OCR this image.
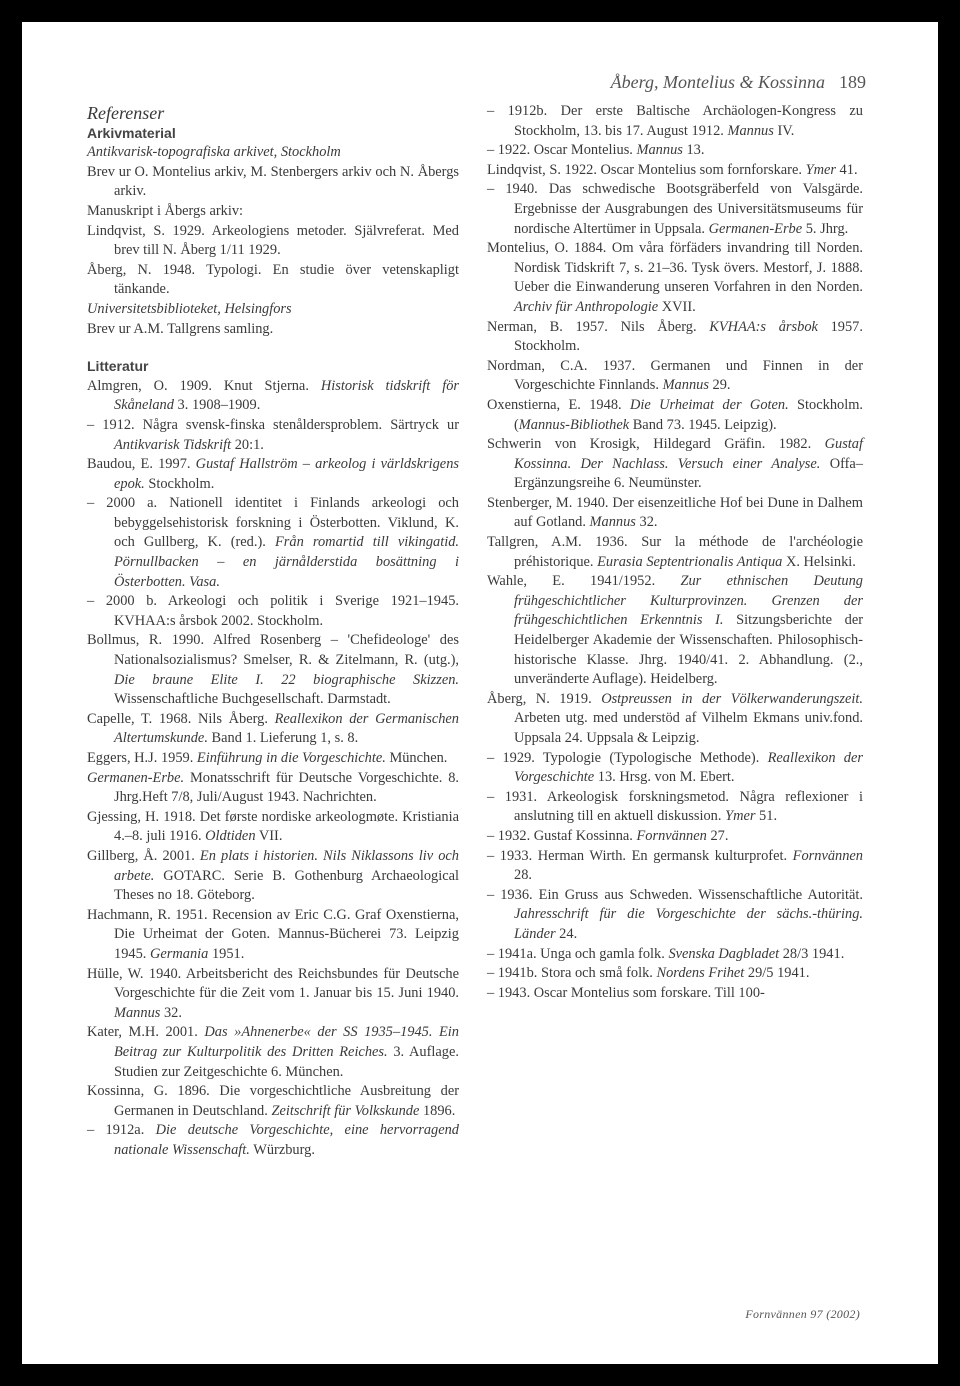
Åberg, Montelius & Kossinna 189
Referenser
Arkivmaterial
Antikvarisk-topografiska arkivet, Stockholm
Brev ur O. Montelius arkiv, M. Stenbergers arkiv och N. Åbergs arkiv.
Manuskript i Åbergs arkiv:
Lindqvist, S. 1929. Arkeologiens metoder. Självreferat. Med brev till N. Åberg 1/11 1929.
Åberg, N. 1948. Typologi. En studie över vetenskapligt tänkande.
Universitetsbiblioteket, Helsingfors
Brev ur A.M. Tallgrens samling.
Litteratur
Almgren, O. 1909. Knut Stjerna. Historisk tidskrift för Skåneland 3. 1908–1909.
– 1912. Några svensk-finska stenåldersproblem. Särtryck ur Antikvarisk Tidskrift 20:1.
Baudou, E. 1997. Gustaf Hallström – arkeolog i världskrigens epok. Stockholm.
– 2000 a. Nationell identitet i Finlands arkeologi och bebyggelsehistorisk forskning i Österbotten. Viklund, K. och Gullberg, K. (red.). Från romartid till vikingatid. Pörnullbacken – en järnålderstida bosättning i Österbotten. Vasa.
– 2000 b. Arkeologi och politik i Sverige 1921–1945. KVHAA:s årsbok 2002. Stockholm.
Bollmus, R. 1990. Alfred Rosenberg – 'Chefideologe' des Nationalsozialismus? Smelser, R. & Zitelmann, R. (utg.), Die braune Elite I. 22 biographische Skizzen. Wissenschaftliche Buchgesellschaft. Darmstadt.
Capelle, T. 1968. Nils Åberg. Reallexikon der Germanischen Altertumskunde. Band 1. Lieferung 1, s. 8.
Eggers, H.J. 1959. Einführung in die Vorgeschichte. München.
Germanen-Erbe. Monatsschrift für Deutsche Vorgeschichte. 8. Jhrg.Heft 7/8, Juli/August 1943. Nachrichten.
Gjessing, H. 1918. Det første nordiske arkeologmøte. Kristiania 4.–8. juli 1916. Oldtiden VII.
Gillberg, Å. 2001. En plats i historien. Nils Niklassons liv och arbete. GOTARC. Serie B. Gothenburg Archaeological Theses no 18. Göteborg.
Hachmann, R. 1951. Recension av Eric C.G. Graf Oxenstierna, Die Urheimat der Goten. Mannus-Bücherei 73. Leipzig 1945. Germania 1951.
Hülle, W. 1940. Arbeitsbericht des Reichsbundes für Deutsche Vorgeschichte für die Zeit vom 1. Januar bis 15. Juni 1940. Mannus 32.
Kater, M.H. 2001. Das »Ahnenerbe« der SS 1935–1945. Ein Beitrag zur Kulturpolitik des Dritten Reiches. 3. Auflage. Studien zur Zeitgeschichte 6. München.
Kossinna, G. 1896. Die vorgeschichtliche Ausbreitung der Germanen in Deutschland. Zeitschrift für Volkskunde 1896.
– 1912a. Die deutsche Vorgeschichte, eine hervorragend nationale Wissenschaft. Würzburg.
– 1912b. Der erste Baltische Archäologen-Kongress zu Stockholm, 13. bis 17. August 1912. Mannus IV.
– 1922. Oscar Montelius. Mannus 13.
Lindqvist, S. 1922. Oscar Montelius som fornforskare. Ymer 41.
– 1940. Das schwedische Bootsgräberfeld von Valsgärde. Ergebnisse der Ausgrabungen des Universitätsmuseums für nordische Altertümer in Uppsala. Germanen-Erbe 5. Jhrg.
Montelius, O. 1884. Om våra förfäders invandring till Norden. Nordisk Tidskrift 7, s. 21–36. Tysk övers. Mestorf, J. 1888. Ueber die Einwanderung unseren Vorfahren in den Norden. Archiv für Anthropologie XVII.
Nerman, B. 1957. Nils Åberg. KVHAA:s årsbok 1957. Stockholm.
Nordman, C.A. 1937. Germanen und Finnen in der Vorgeschichte Finnlands. Mannus 29.
Oxenstierna, E. 1948. Die Urheimat der Goten. Stockholm. (Mannus-Bibliothek Band 73. 1945. Leipzig).
Schwerin von Krosigk, Hildegard Gräfin. 1982. Gustaf Kossinna. Der Nachlass. Versuch einer Analyse. Offa–Ergänzungsreihe 6. Neumünster.
Stenberger, M. 1940. Der eisenzeitliche Hof bei Dune in Dalhem auf Gotland. Mannus 32.
Tallgren, A.M. 1936. Sur la méthode de l'archéologie préhistorique. Eurasia Septentrionalis Antiqua X. Helsinki.
Wahle, E. 1941/1952. Zur ethnischen Deutung frühgeschichtlicher Kulturprovinzen. Grenzen der frühgeschichtlichen Erkenntnis I. Sitzungsberichte der Heidelberger Akademie der Wissenschaften. Philosophisch-historische Klasse. Jhrg. 1940/41. 2. Abhandlung. (2., unveränderte Auflage). Heidelberg.
Åberg, N. 1919. Ostpreussen in der Völkerwanderungszeit. Arbeten utg. med understöd af Vilhelm Ekmans univ.fond. Uppsala 24. Uppsala & Leipzig.
– 1929. Typologie (Typologische Methode). Reallexikon der Vorgeschichte 13. Hrsg. von M. Ebert.
– 1931. Arkeologisk forskningsmetod. Några reflexioner i anslutning till en aktuell diskussion. Ymer 51.
– 1932. Gustaf Kossinna. Fornvännen 27.
– 1933. Herman Wirth. En germansk kulturprofet. Fornvännen 28.
– 1936. Ein Gruss aus Schweden. Wissenschaftliche Autorität. Jahresschrift für die Vorgeschichte der sächs.-thüring. Länder 24.
– 1941a. Unga och gamla folk. Svenska Dagbladet 28/3 1941.
– 1941b. Stora och små folk. Nordens Frihet 29/5 1941.
– 1943. Oscar Montelius som forskare. Till 100-
Fornvännen 97 (2002)
